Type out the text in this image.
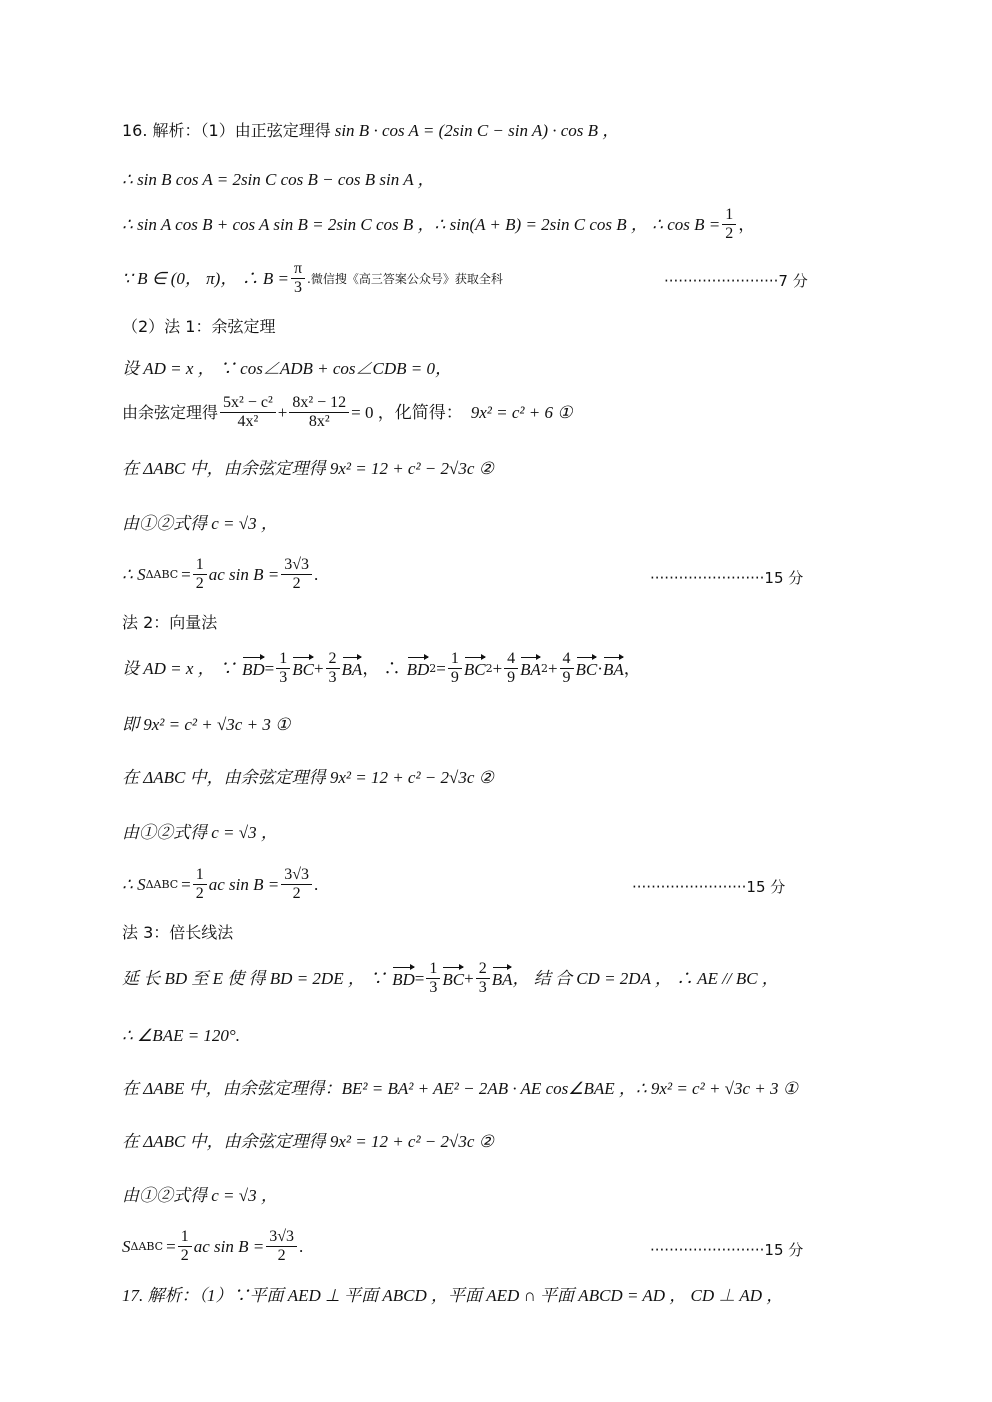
16. 解析：（1）由正弦定理得 sin B · cos A = (2sin C − sin A) · cos B ，
∴ sin B cos A = 2sin C cos B − cos B sin A ，
∴ sin A cos B + cos A sin B = 2sin C cos B ，∴ sin(A + B) = 2sin C cos B ， ∴ $\cos B = \frac{1}{2}$ ，
∵ B ∈ (0， π)， ∴ $B = \frac{\pi}{3}$ .微信搜《高三答案公众号》获取全科	························7 分
（2）法 1：余弦定理
设 AD = x ， ∵ cos∠ADB + cos∠CDB = 0，
由余弦定理得 $\frac{\text{5x² − c²}}{\text{4x²}} + \frac{\text{8x² − 12}}{\text{8x²}} = 0$ ，化简得： 9x² = c² + 6 ①
在 ΔABC 中，由余弦定理得 9x² = 12 + c² − 2√3c ②
由①②式得 c = √3 ，
∴ S $\Delta ABC = \frac{1}{2}$ ac $\sin B = \frac{3√3}{2}$ .	························15 分
法 2：向量法
设 AD = x ， ∵ BD = $\frac{1}{3}$ BC + $\frac{2}{3}$ BA ， ∴ BD $2 = \frac{1}{9}$ BC $2 + \frac{4}{9}$ BA $2 + \frac{4}{9}$ BC · BA ，
即 9x² = c² + √3c + 3 ①
在 ΔABC 中，由余弦定理得 9x² = 12 + c² − 2√3c ②
由①②式得 c = √3 ，
∴ S $\Delta ABC = \frac{1}{2}$ ac $\sin B = \frac{3√3}{2}$ .	························15 分
法 3：倍长线法
延 长 BD 至 E 使 得 BD = 2DE ， ∵ BD = $\frac{1}{3}$ BC + $\frac{2}{3}$ BA ， 结 合 CD = 2DA ， ∴ AE // BC ，
∴ ∠BAE = 120°.
在 ΔABE 中，由余弦定理得：BE² = BA² + AE² − 2AB · AE cos∠BAE ，∴ 9x² = c² + √3c + 3 ①
在 ΔABC 中，由余弦定理得 9x² = 12 + c² − 2√3c ②
由①②式得 c = √3 ，
S $\Delta ABC = \frac{1}{2}$ ac $\sin B = \frac{3√3}{2}$ .	························15 分
17. 解析：（1）∵平面 AED ⊥ 平面 ABCD ，平面 AED ∩ 平面 ABCD = AD ， CD ⊥ AD ，
